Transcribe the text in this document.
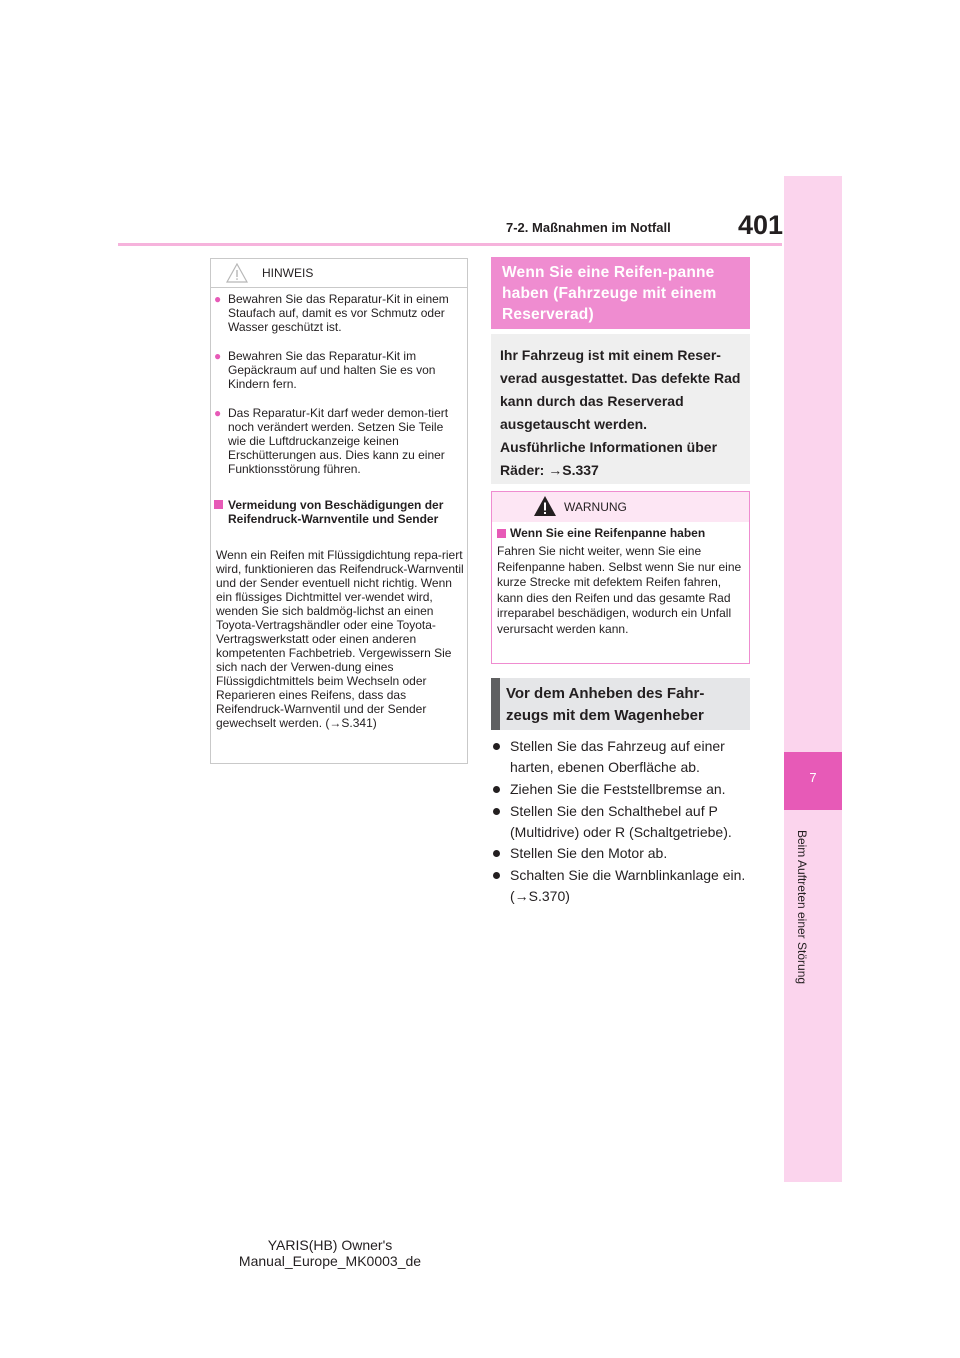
7-2. Maßnahmen im Notfall 401
7
Beim Auftreten einer Störung
HINWEIS
● Bewahren Sie das Reparatur-Kit in einem Staufach auf, damit es vor Schmutz oder Wasser geschützt ist.
● Bewahren Sie das Reparatur-Kit im Gepäckraum auf und halten Sie es von Kindern fern.
● Das Reparatur-Kit darf weder demon-tiert noch verändert werden. Setzen Sie Teile wie die Luftdruckanzeige keinen Erschütterungen aus. Dies kann zu einer Funktionsstörung führen.
Vermeidung von Beschädigungen der Reifendruck-Warnventile und Sender
Wenn ein Reifen mit Flüssigdichtung repa-riert wird, funktionieren das Reifendruck-Warnventil und der Sender eventuell nicht richtig. Wenn ein flüssiges Dichtmittel ver-wendet wird, wenden Sie sich baldmög-lichst an einen Toyota-Vertragshändler oder eine Toyota-Vertragswerkstatt oder einen anderen kompetenten Fachbetrieb. Vergewissern Sie sich nach der Verwen-dung eines Flüssigdichtmittels beim Wechseln oder Reparieren eines Reifens, dass das Reifendruck-Warnventil und der Sender gewechselt werden. (→S.341)
Wenn Sie eine Reifen-panne haben (Fahrzeuge mit einem Reserverad)
Ihr Fahrzeug ist mit einem Reser-verad ausgestattet. Das defekte Rad kann durch das Reserverad ausgetauscht werden.
Ausführliche Informationen über Räder: →S.337
WARNUNG
Wenn Sie eine Reifenpanne haben
Fahren Sie nicht weiter, wenn Sie eine Reifenpanne haben. Selbst wenn Sie nur eine kurze Strecke mit defektem Reifen fahren, kann dies den Reifen und das gesamte Rad irreparabel beschädigen, wodurch ein Unfall verursacht werden kann.
Vor dem Anheben des Fahr-zeugs mit dem Wagenheber
Stellen Sie das Fahrzeug auf einer harten, ebenen Oberfläche ab.
Ziehen Sie die Feststellbremse an.
Stellen Sie den Schalthebel auf P (Multidrive) oder R (Schaltgetriebe).
Stellen Sie den Motor ab.
Schalten Sie die Warnblinkanlage ein. (→S.370)
YARIS(HB) Owner's Manual_Europe_MK0003_de
